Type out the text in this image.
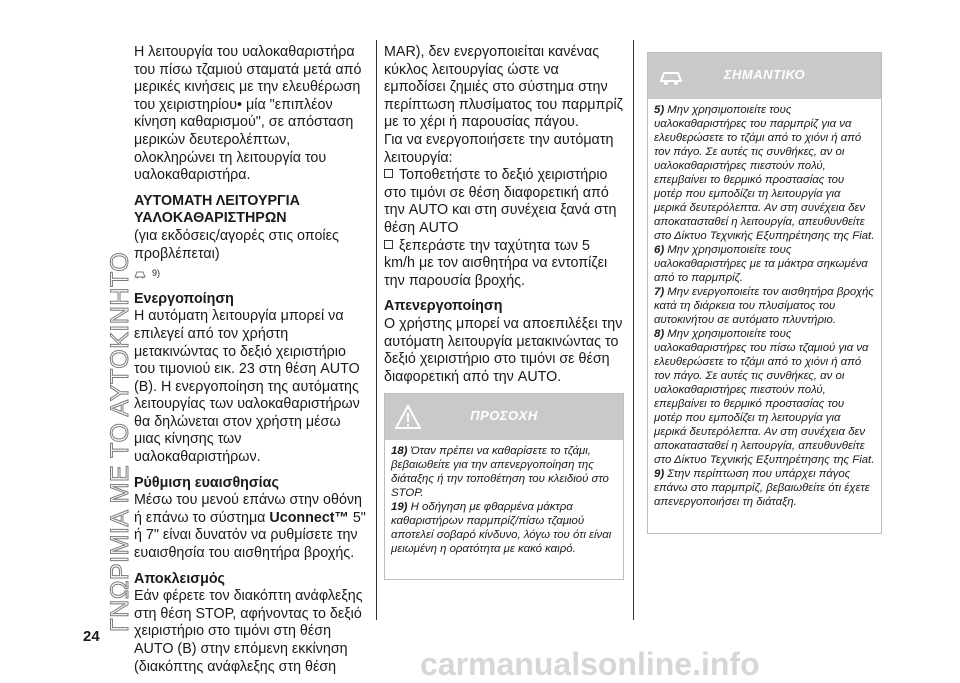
ΓΝΩΡΙΜΙΑ ΜΕ ΤΟ ΑΥΤΟΚΙΝΗΤΟ
24

Η λειτουργία του υαλοκαθαριστήρα του πίσω τζαμιού σταματά μετά από μερικές κινήσεις με την ελευθέρωση του χειριστηρίου• μία "επιπλέον κίνηση καθαρισμού", σε απόσταση μερικών δευτερολέπτων, ολοκληρώνει τη λειτουργία του υαλοκαθαριστήρα.

ΑΥΤΟΜΑΤΗ ΛΕΙΤΟΥΡΓΙΑ ΥΑΛΟΚΑΘΑΡΙΣΤΗΡΩΝ

(για εκδόσεις/αγορές στις οποίες προβλέπεται)

9)
Ενεργοποίηση

Η αυτόματη λειτουργία μπορεί να επιλεγεί από τον χρήστη μετακινώντας το δεξιό χειριστήριο του τιμονιού εικ. 23 στη θέση AUTO (B). Η ενεργοποίηση της αυτόματης λειτουργίας των υαλοκαθαριστήρων θα δηλώνεται στον χρήστη μέσω μιας κίνησης των υαλοκαθαριστήρων.

Ρύθμιση ευαισθησίας

Μέσω του μενού επάνω στην οθόνη ή επάνω το σύστημα Uconnect™ 5" ή 7" είναι δυνατόν να ρυθμίσετε την ευαισθησία του αισθητήρα βροχής.

Αποκλεισμός

Εάν φέρετε τον διακόπτη ανάφλεξης στη θέση STOP, αφήνοντας το δεξιό χειριστήριο στο τιμόνι στη θέση AUTO (B) στην επόμενη εκκίνηση (διακόπτης ανάφλεξης στη θέση

MAR), δεν ενεργοποιείται κανένας κύκλος λειτουργίας ώστε να εμποδίσει ζημιές στο σύστημα στην περίπτωση πλυσίματος του παρμπρίζ με το χέρι ή παρουσίας πάγου.

Για να ενεργοποιήσετε την αυτόματη λειτουργία:

Τοποθετήστε το δεξιό χειριστήριο στο τιμόνι σε θέση διαφορετική από την AUTO και στη συνέχεια ξανά στη θέση AUTO

ξεπεράστε την ταχύτητα των 5 km/h με τον αισθητήρα να εντοπίζει την παρουσία βροχής.

Απενεργοποίηση

Ο χρήστης μπορεί να αποεπιλέξει την αυτόματη λειτουργία μετακινώντας το δεξιό χειριστήριο στο τιμόνι σε θέση διαφορετική από την AUTO.

ΠΡΟΣΟΧΗ

18) Όταν πρέπει να καθαρίσετε το τζάμι, βεβαιωθείτε για την απενεργοποίηση της διάταξης ή την τοποθέτηση του κλειδιού στο STOP.

19) Η οδήγηση με φθαρμένα μάκτρα καθαριστήρων παρμπρίζ/πίσω τζαμιού αποτελεί σοβαρό κίνδυνο, λόγω του ότι είναι μειωμένη η ορατότητα με κακό καιρό.

ΣΗΜΑΝΤΙΚΟ

5) Μην χρησιμοποιείτε τους υαλοκαθαριστήρες του παρμπρίζ για να ελευθερώσετε το τζάμι από το χιόνι ή από τον πάγο. Σε αυτές τις συνθήκες, αν οι υαλοκαθαριστήρες πιεστούν πολύ, επεμβαίνει το θερμικό προστασίας του μοτέρ που εμποδίζει τη λειτουργία για μερικά δευτερόλεπτα. Αν στη συνέχεια δεν αποκατασταθεί η λειτουργία, απευθυνθείτε στο Δίκτυο Τεχνικής Εξυπηρέτησης της Fiat.

6) Μην χρησιμοποιείτε τους υαλοκαθαριστήρες με τα μάκτρα σηκωμένα από το παρμπρίζ.

7) Μην ενεργοποιείτε τον αισθητήρα βροχής κατά τη διάρκεια του πλυσίματος του αυτοκινήτου σε αυτόματο πλυντήριο.

8) Μην χρησιμοποιείτε τους υαλοκαθαριστήρες του πίσω τζαμιού για να ελευθερώσετε το τζάμι από το χιόνι ή από τον πάγο. Σε αυτές τις συνθήκες, αν οι υαλοκαθαριστήρες πιεστούν πολύ, επεμβαίνει το θερμικό προστασίας του μοτέρ που εμποδίζει τη λειτουργία για μερικά δευτερόλεπτα. Αν στη συνέχεια δεν αποκατασταθεί η λειτουργία, απευθυνθείτε στο Δίκτυο Τεχνικής Εξυπηρέτησης της Fiat.

9) Στην περίπτωση που υπάρχει πάγος επάνω στο παρμπρίζ, βεβαιωθείτε ότι έχετε απενεργοποιήσει τη διάταξη.

carmanualsonline.info
